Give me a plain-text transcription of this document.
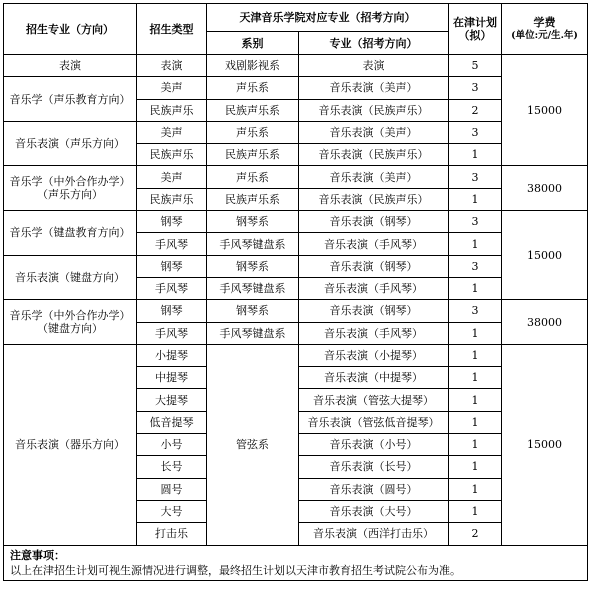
招生专业（方向）	招生类型	天津音乐学院对应专业（招考方向）		在津计划（拟）	学费
(单位:元/生.年)

		系别	专业（招考方向）		
表演	表演	戏剧影视系	表演	5	15000
音乐学（声乐教育方向）	美声	声乐系	音乐表演（美声）	3	
	民族声乐	民族声乐系	音乐表演（民族声乐）	2	
音乐表演（声乐方向）	美声	声乐系	音乐表演（美声）	3	
	民族声乐	民族声乐系	音乐表演（民族声乐）	1	
音乐学（中外合作办学）（声乐方向）	美声	声乐系	音乐表演（美声）	3	38000
	民族声乐	民族声乐系	音乐表演（民族声乐）	1	
音乐学（键盘教育方向）	钢琴	钢琴系	音乐表演（钢琴）	3	15000
	手风琴	手风琴键盘系	音乐表演（手风琴）	1	
音乐表演（键盘方向）	钢琴	钢琴系	音乐表演（钢琴）	3	
	手风琴	手风琴键盘系	音乐表演（手风琴）	1	
音乐学（中外合作办学）（键盘方向）	钢琴	钢琴系	音乐表演（钢琴）	3	38000
	手风琴	手风琴键盘系	音乐表演（手风琴）	1	
音乐表演（器乐方向）	小提琴	管弦系	音乐表演（小提琴）	1	15000
	中提琴		音乐表演（中提琴）	1	
	大提琴		音乐表演（管弦大提琴）	1	
	低音提琴		音乐表演（管弦低音提琴）	1	
	小号		音乐表演（小号）	1	
	长号		音乐表演（长号）	1	
	圆号		音乐表演（圆号）	1	
	大号		音乐表演（大号）	1	
	打击乐		音乐表演（西洋打击乐）	2	

注意事项：
以上在津招生计划可视生源情况进行调整，最终招生计划以天津市教育招生考试院公布为准。					
